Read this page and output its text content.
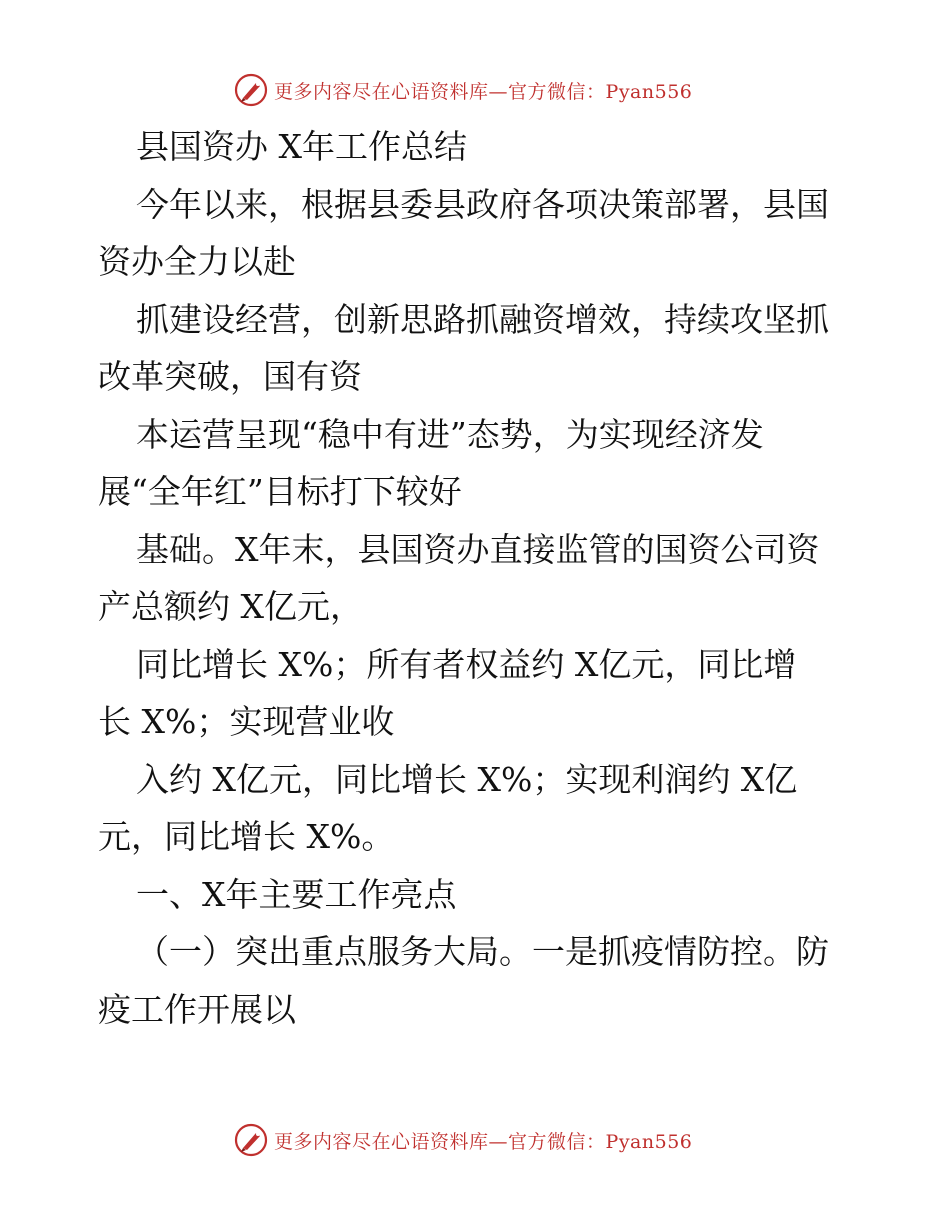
更多内容尽在心语资料库—官方微信：Pyan556
县国资办 X年工作总结
今年以来，根据县委县政府各项决策部署，县国
资办全力以赴
抓建设经营，创新思路抓融资增效，持续攻坚抓
改革突破，国有资
本运营呈现“稳中有进”态势，为实现经济发
展“全年红”目标打下较好
基础。X年末，县国资办直接监管的国资公司资
产总额约 X亿元，
同比增长 X%；所有者权益约 X亿元，同比增
长 X%；实现营业收
入约 X亿元，同比增长 X%；实现利润约 X亿
元，同比增长 X%。
一、X年主要工作亮点
（一）突出重点服务大局。一是抓疫情防控。防
疫工作开展以
更多内容尽在心语资料库—官方微信：Pyan556
